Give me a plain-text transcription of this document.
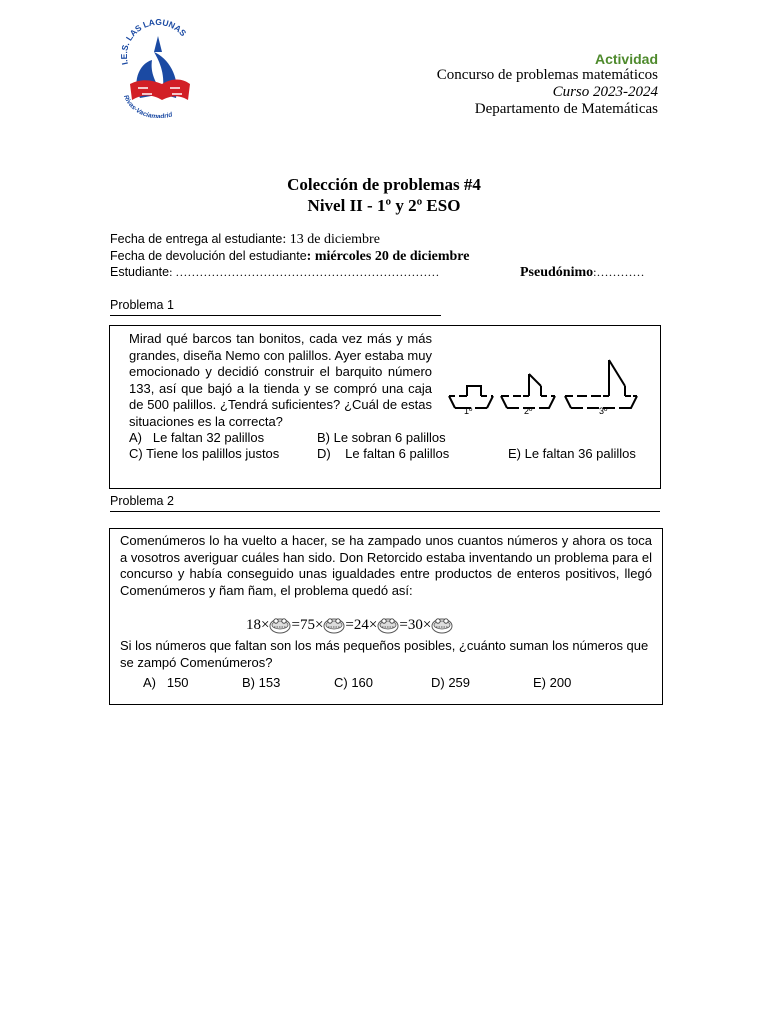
I.E.S. LAS LAGUNAS
Rivas-Vaciamadrid
Actividad
Concurso de problemas matemáticos
Curso 2023-2024
Departamento de Matemáticas
Colección de problemas #4
Nivel II - 1º y 2º ESO
Fecha de entrega al estudiante: 13 de diciembre
Fecha de devolución del estudiante: miércoles 20 de diciembre
Estudiante: …………………………………………………………	Pseudónimo:…………
Problema 1
Mirad qué barcos tan bonitos, cada vez más y más grandes, diseña Nemo con palillos. Ayer estaba muy emocionado y decidió construir el barquito número 133, así que bajó a la tienda y se compró una caja de 500 palillos. ¿Tendrá suficientes? ¿Cuál de estas situaciones es la correcta?
1º	2º	3º
A)   Le faltan 32 palillos	B) Le sobran 6 palillos
C) Tiene los palillos justos	D)    Le faltan 6 palillos	E) Le faltan 36 palillos
Problema 2
Comenúmeros lo ha vuelto a hacer, se ha zampado unos cuantos números y ahora os toca a vosotros averiguar cuáles han sido. Don Retorcido estaba inventando un problema para el concurso y había conseguido unas igualdades entre productos de enteros positivos, llegó Comenúmeros y ñam ñam, el problema quedó así:
18 × = 75 × = 24 × = 30 ×
Si los números que faltan son los más pequeños posibles, ¿cuánto suman los números que se zampó Comenúmeros?
A)   150	B) 153	C) 160	D) 259	E) 200
